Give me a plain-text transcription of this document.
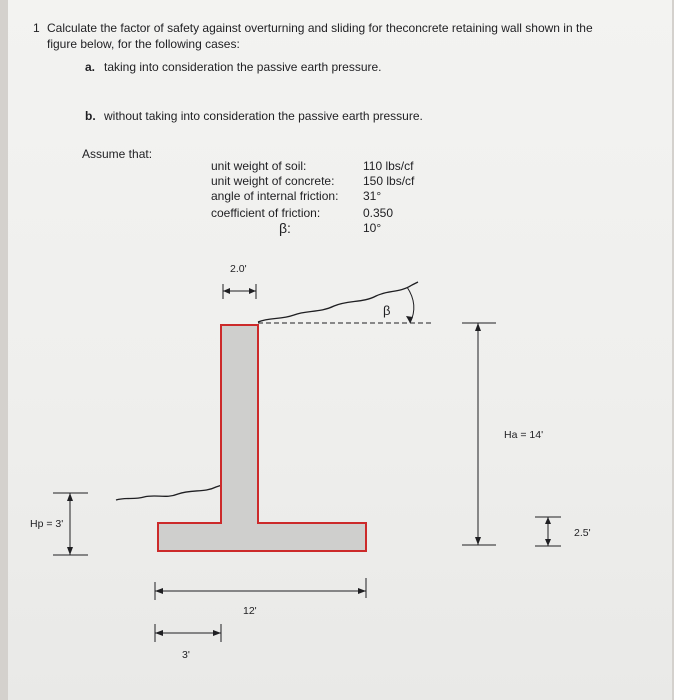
1 Calculate the factor of safety against overturning and sliding for theconcrete retaining wall shown in the
figure below, for the following cases:
a. taking into consideration the passive earth pressure.
b. without taking into consideration the passive earth pressure.
Assume that:
unit weight of soil:	110 lbs/cf
unit weight of concrete: 150 lbs/cf
angle of internal friction: 31°
coefficient of friction:	0.350
β:	10°
2.0'
β
Ha = 14'
Hp = 3'
2.5'
12'
3'
